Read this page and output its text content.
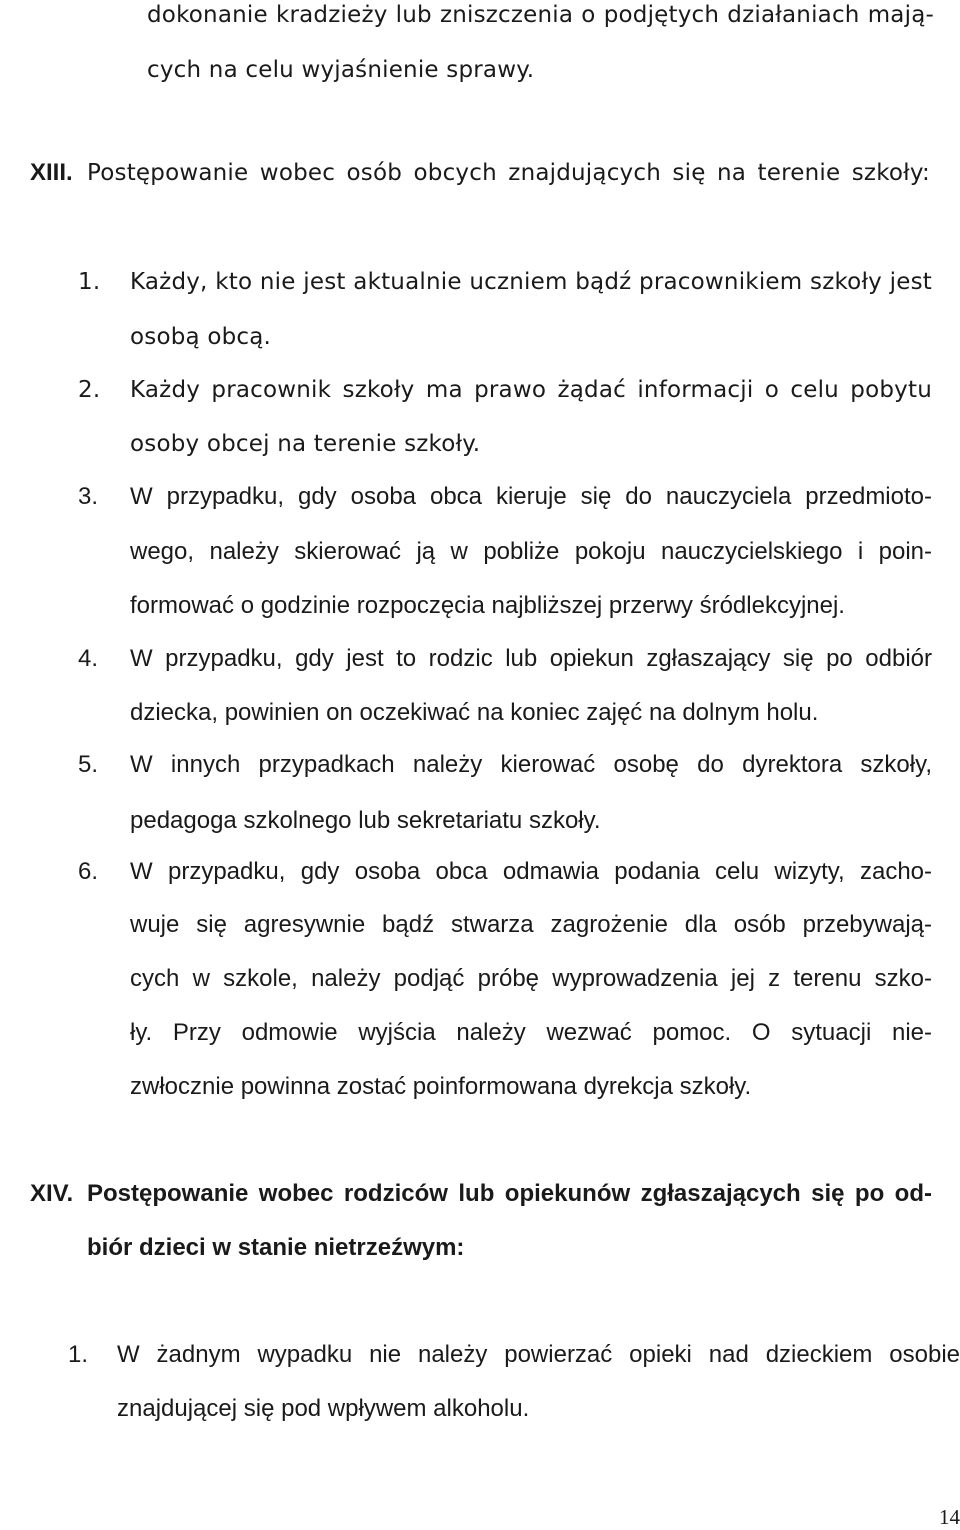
dokonanie kradzieży lub zniszczenia o podjętych działaniach mają-
cych na celu wyjaśnienie sprawy.
XIII. Postępowanie wobec osób obcych znajdujących się na terenie szkoły:
1. Każdy, kto nie jest aktualnie uczniem bądź pracownikiem szkoły jest
osobą obcą.
2. Każdy pracownik szkoły ma prawo żądać informacji o celu pobytu
osoby obcej na terenie szkoły.
3. W przypadku, gdy osoba obca kieruje się do nauczyciela przedmioto-
wego, należy skierować ją w pobliże pokoju nauczycielskiego i poin-
formować o godzinie rozpoczęcia najbliższej przerwy śródlekcyjnej.
4. W przypadku, gdy jest to rodzic lub opiekun zgłaszający się po odbiór
dziecka, powinien on oczekiwać na koniec zajęć na dolnym holu.
5. W innych przypadkach należy kierować osobę do dyrektora szkoły,
pedagoga szkolnego lub sekretariatu szkoły.
6. W przypadku, gdy osoba obca odmawia podania celu wizyty, zacho-
wuje się agresywnie bądź stwarza zagrożenie dla osób przebywają-
cych w szkole, należy podjąć próbę wyprowadzenia jej z terenu szko-
ły. Przy odmowie wyjścia należy wezwać pomoc. O sytuacji nie-
zwłocznie powinna zostać poinformowana dyrekcja szkoły.
XIV. Postępowanie wobec rodziców lub opiekunów zgłaszających się po od-
biór dzieci w stanie nietrzeźwym:
1. W żadnym wypadku nie należy powierzać opieki nad dzieckiem osobie
znajdującej się pod wpływem alkoholu.
14
